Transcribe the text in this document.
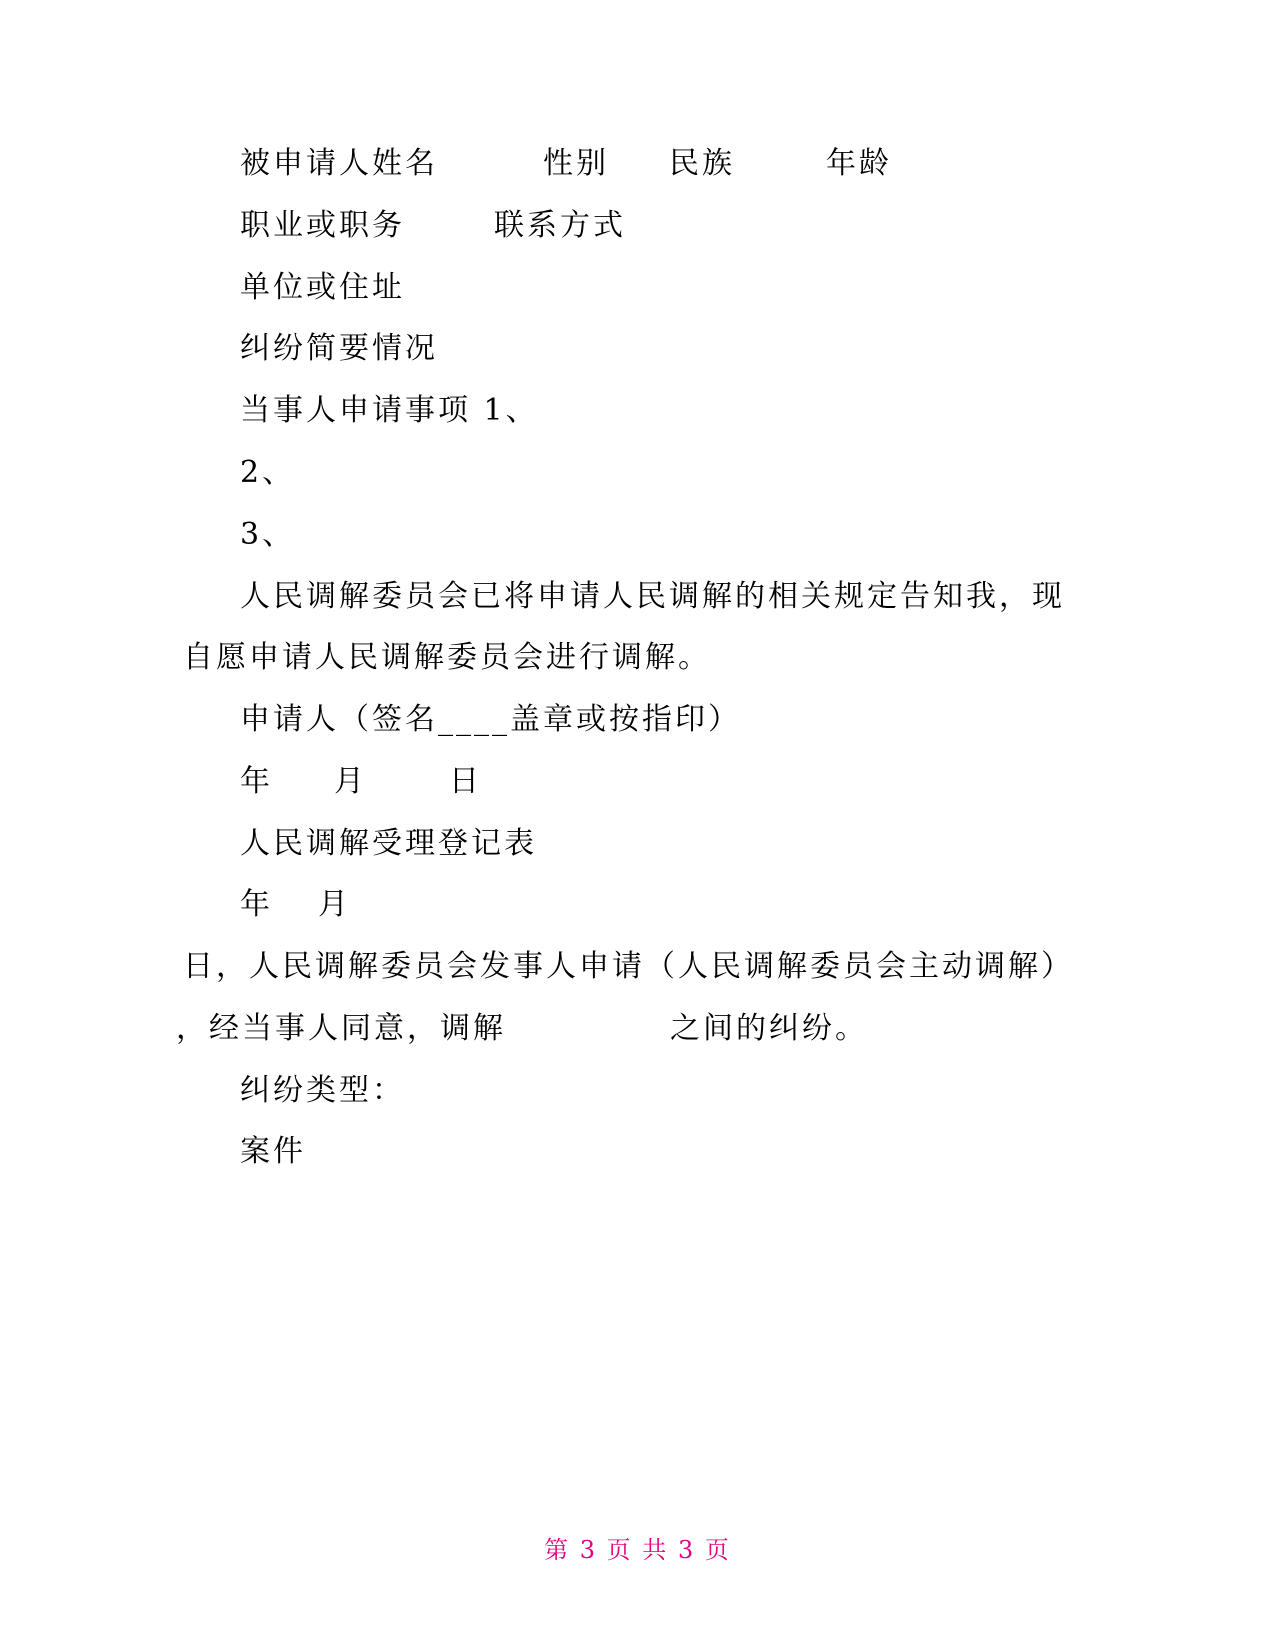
被申请人姓名	性别 民族	年龄
职业或职务	联系方式
单位或住址
纠纷简要情况
当事人申请事项 1、
2、
3、
人民调解委员会已将申请人民调解的相关规定告知我，现
自愿申请人民调解委员会进行调解。
申请人（签名____盖章或按指印）
年 月	日
人民调解受理登记表
年 月
日，人民调解委员会发事人申请（人民调解委员会主动调解）
，经当事人同意，调解	之间的纠纷。
纠纷类型：
案件
第 3 页 共 3 页
